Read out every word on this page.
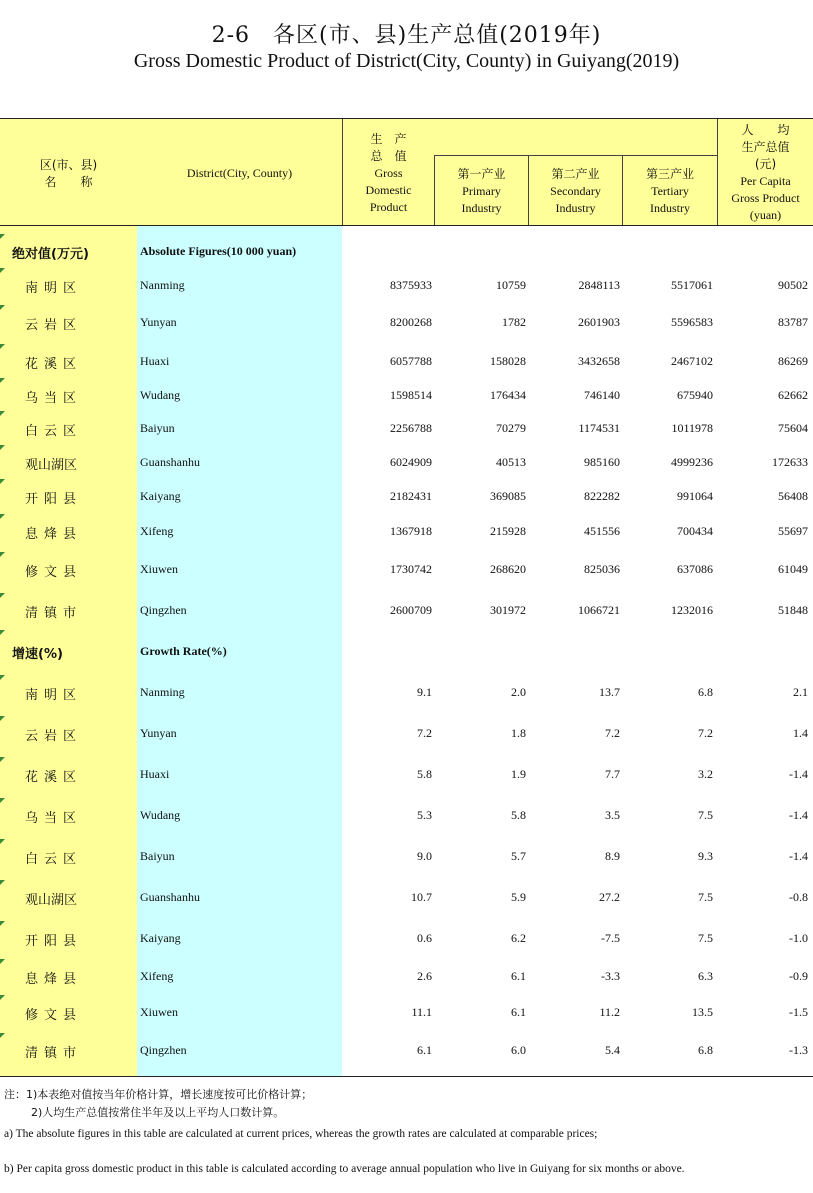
2-6　各区(市、县)生产总值(2019年)
Gross Domestic Product of District(City, County) in Guiyang(2019)
区(市、县)
名　　称
District(City, County)
生　产
总　值
Gross
Domestic
Product
第一产业
Primary
Industry
第二产业
Secondary
Industry
第三产业
Tertiary
Industry
人　　均
生产总值
(元)
Per Capita
Gross Product
(yuan)
绝对值(万元)	Absolute Figures(10 000 yuan)
南明区	Nanming	8375933	10759	2848113	5517061	90502
云岩区	Yunyan	8200268	1782	2601903	5596583	83787
花溪区	Huaxi	6057788	158028	3432658	2467102	86269
乌当区	Wudang	1598514	176434	746140	675940	62662
白云区	Baiyun	2256788	70279	1174531	1011978	75604
观山湖区	Guanshanhu	6024909	40513	985160	4999236	172633
开阳县	Kaiyang	2182431	369085	822282	991064	56408
息烽县	Xifeng	1367918	215928	451556	700434	55697
修文县	Xiuwen	1730742	268620	825036	637086	61049
清镇市	Qingzhen	2600709	301972	1066721	1232016	51848
增速(%)	Growth Rate(%)
南明区	Nanming	9.1	2.0	13.7	6.8	2.1
云岩区	Yunyan	7.2	1.8	7.2	7.2	1.4
花溪区	Huaxi	5.8	1.9	7.7	3.2	-1.4
乌当区	Wudang	5.3	5.8	3.5	7.5	-1.4
白云区	Baiyun	9.0	5.7	8.9	9.3	-1.4
观山湖区	Guanshanhu	10.7	5.9	27.2	7.5	-0.8
开阳县	Kaiyang	0.6	6.2	-7.5	7.5	-1.0
息烽县	Xifeng	2.6	6.1	-3.3	6.3	-0.9
修文县	Xiuwen	11.1	6.1	11.2	13.5	-1.5
清镇市	Qingzhen	6.1	6.0	5.4	6.8	-1.3
注：1)本表绝对值按当年价格计算，增长速度按可比价格计算；
2)人均生产总值按常住半年及以上平均人口数计算。
a) The absolute figures in this table are calculated at current prices, whereas the growth rates are calculated at comparable prices;
b) Per capita gross domestic product in this table is calculated according to average annual population who live in Guiyang for six months or above.
